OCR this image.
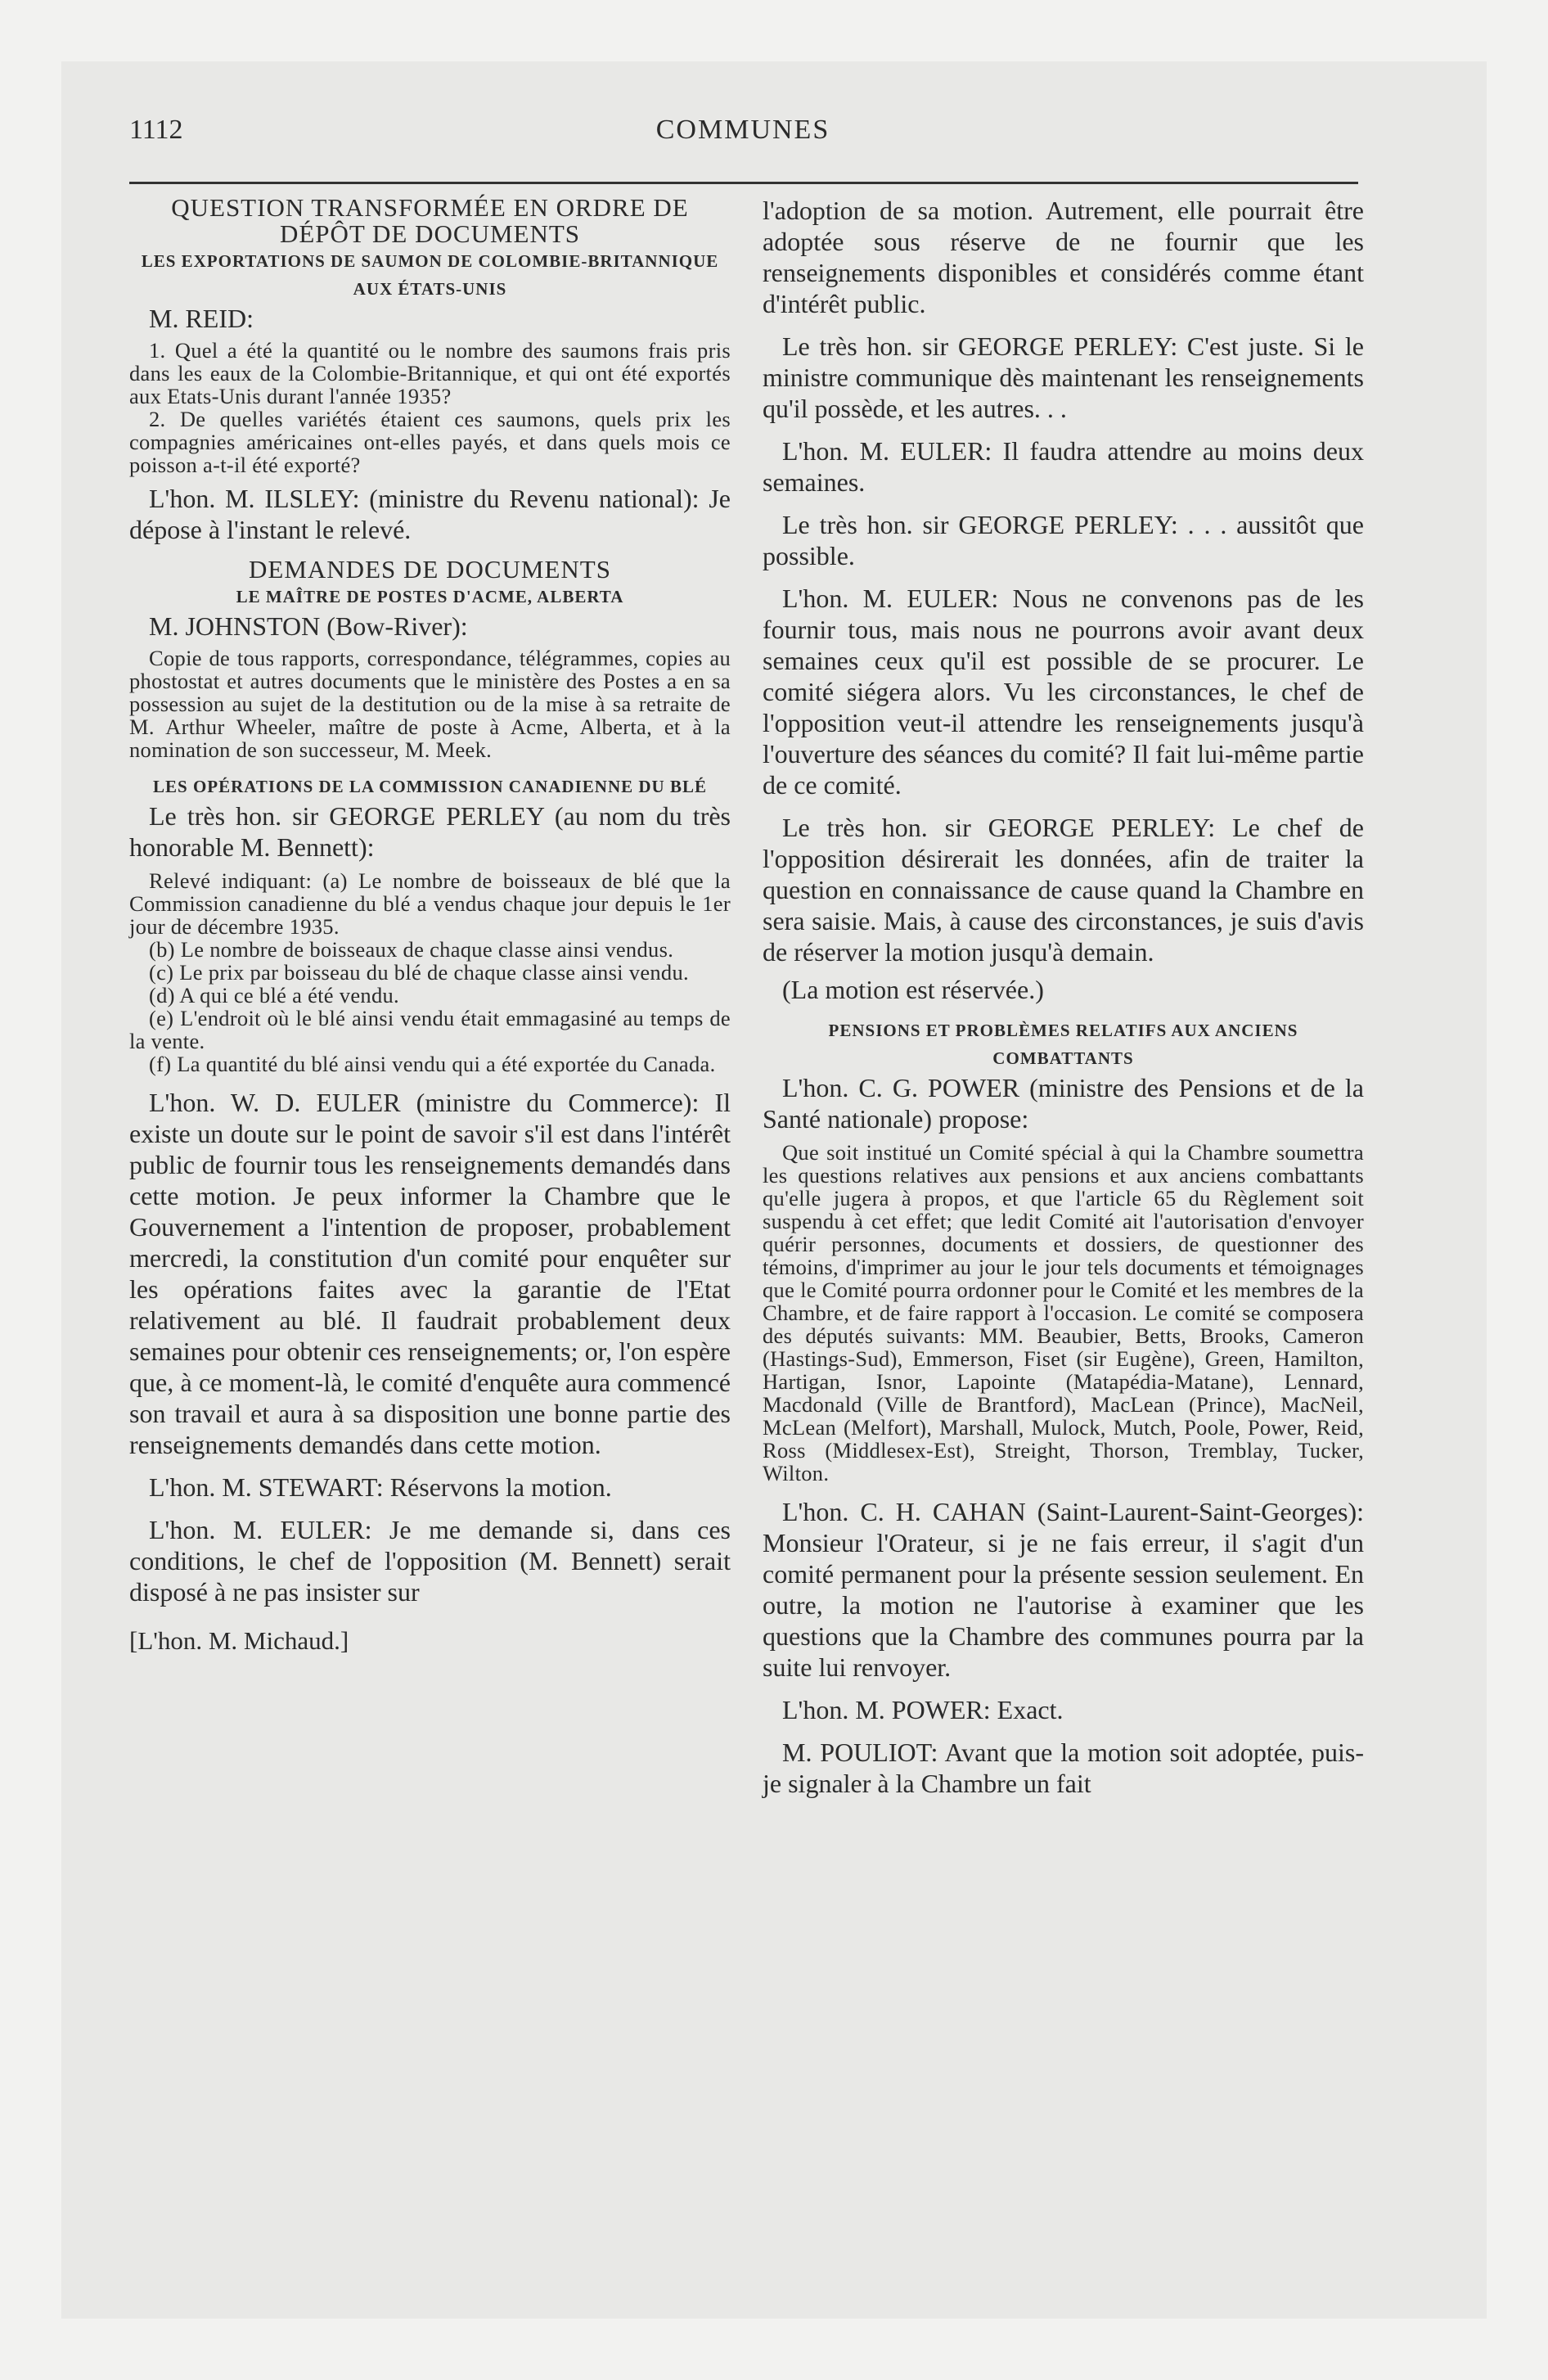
1112	COMMUNES

QUESTION TRANSFORMÉE EN ORDRE DE DÉPÔT DE DOCUMENTS

LES EXPORTATIONS DE SAUMON DE COLOMBIE-BRITANNIQUE AUX ÉTATS-UNIS

M. REID:

1. Quel a été la quantité ou le nombre des saumons frais pris dans les eaux de la Colombie-Britannique, et qui ont été exportés aux Etats-Unis durant l'année 1935?

2. De quelles variétés étaient ces saumons, quels prix les compagnies américaines ont-elles payés, et dans quels mois ce poisson a-t-il été exporté?

L'hon. M. ILSLEY: (ministre du Revenu national): Je dépose à l'instant le relevé.

DEMANDES DE DOCUMENTS

LE MAÎTRE DE POSTES D'ACME, ALBERTA

M. JOHNSTON (Bow-River):

Copie de tous rapports, correspondance, télégrammes, copies au phostostat et autres documents que le ministère des Postes a en sa possession au sujet de la destitution ou de la mise à sa retraite de M. Arthur Wheeler, maître de poste à Acme, Alberta, et à la nomination de son successeur, M. Meek.

LES OPÉRATIONS DE LA COMMISSION CANADIENNE DU BLÉ

Le très hon. sir GEORGE PERLEY (au nom du très honorable M. Bennett):

Relevé indiquant: (a) Le nombre de boisseaux de blé que la Commission canadienne du blé a vendus chaque jour depuis le 1er jour de décembre 1935.

(b) Le nombre de boisseaux de chaque classe ainsi vendus.

(c) Le prix par boisseau du blé de chaque classe ainsi vendu.

(d) A qui ce blé a été vendu.

(e) L'endroit où le blé ainsi vendu était emmagasiné au temps de la vente.

(f) La quantité du blé ainsi vendu qui a été exportée du Canada.

L'hon. W. D. EULER (ministre du Commerce): Il existe un doute sur le point de savoir s'il est dans l'intérêt public de fournir tous les renseignements demandés dans cette motion. Je peux informer la Chambre que le Gouvernement a l'intention de proposer, probablement mercredi, la constitution d'un comité pour enquêter sur les opérations faites avec la garantie de l'Etat relativement au blé. Il faudrait probablement deux semaines pour obtenir ces renseignements; or, l'on espère que, à ce moment-là, le comité d'enquête aura commencé son travail et aura à sa disposition une bonne partie des renseignements demandés dans cette motion.

L'hon. M. STEWART: Réservons la motion.

L'hon. M. EULER: Je me demande si, dans ces conditions, le chef de l'opposition (M. Bennett) serait disposé à ne pas insister sur

[L'hon. M. Michaud.]

l'adoption de sa motion. Autrement, elle pourrait être adoptée sous réserve de ne fournir que les renseignements disponibles et considérés comme étant d'intérêt public.

Le très hon. sir GEORGE PERLEY: C'est juste. Si le ministre communique dès maintenant les renseignements qu'il possède, et les autres. . .

L'hon. M. EULER: Il faudra attendre au moins deux semaines.

Le très hon. sir GEORGE PERLEY: . . . aussitôt que possible.

L'hon. M. EULER: Nous ne convenons pas de les fournir tous, mais nous ne pourrons avoir avant deux semaines ceux qu'il est possible de se procurer. Le comité siégera alors. Vu les circonstances, le chef de l'opposition veut-il attendre les renseignements jusqu'à l'ouverture des séances du comité? Il fait lui-même partie de ce comité.

Le très hon. sir GEORGE PERLEY: Le chef de l'opposition désirerait les données, afin de traiter la question en connaissance de cause quand la Chambre en sera saisie. Mais, à cause des circonstances, je suis d'avis de réserver la motion jusqu'à demain.

(La motion est réservée.)

PENSIONS ET PROBLÈMES RELATIFS AUX ANCIENS COMBATTANTS

L'hon. C. G. POWER (ministre des Pensions et de la Santé nationale) propose:

Que soit institué un Comité spécial à qui la Chambre soumettra les questions relatives aux pensions et aux anciens combattants qu'elle jugera à propos, et que l'article 65 du Règlement soit suspendu à cet effet; que ledit Comité ait l'autorisation d'envoyer quérir personnes, documents et dossiers, de questionner des témoins, d'imprimer au jour le jour tels documents et témoignages que le Comité pourra ordonner pour le Comité et les membres de la Chambre, et de faire rapport à l'occasion. Le comité se composera des députés suivants: MM. Beaubier, Betts, Brooks, Cameron (Hastings-Sud), Emmerson, Fiset (sir Eugène), Green, Hamilton, Hartigan, Isnor, Lapointe (Matapédia-Matane), Lennard, Macdonald (Ville de Brantford), MacLean (Prince), MacNeil, McLean (Melfort), Marshall, Mulock, Mutch, Poole, Power, Reid, Ross (Middlesex-Est), Streight, Thorson, Tremblay, Tucker, Wilton.

L'hon. C. H. CAHAN (Saint-Laurent-Saint-Georges): Monsieur l'Orateur, si je ne fais erreur, il s'agit d'un comité permanent pour la présente session seulement. En outre, la motion ne l'autorise à examiner que les questions que la Chambre des communes pourra par la suite lui renvoyer.

L'hon. M. POWER: Exact.

M. POULIOT: Avant que la motion soit adoptée, puis-je signaler à la Chambre un fait
